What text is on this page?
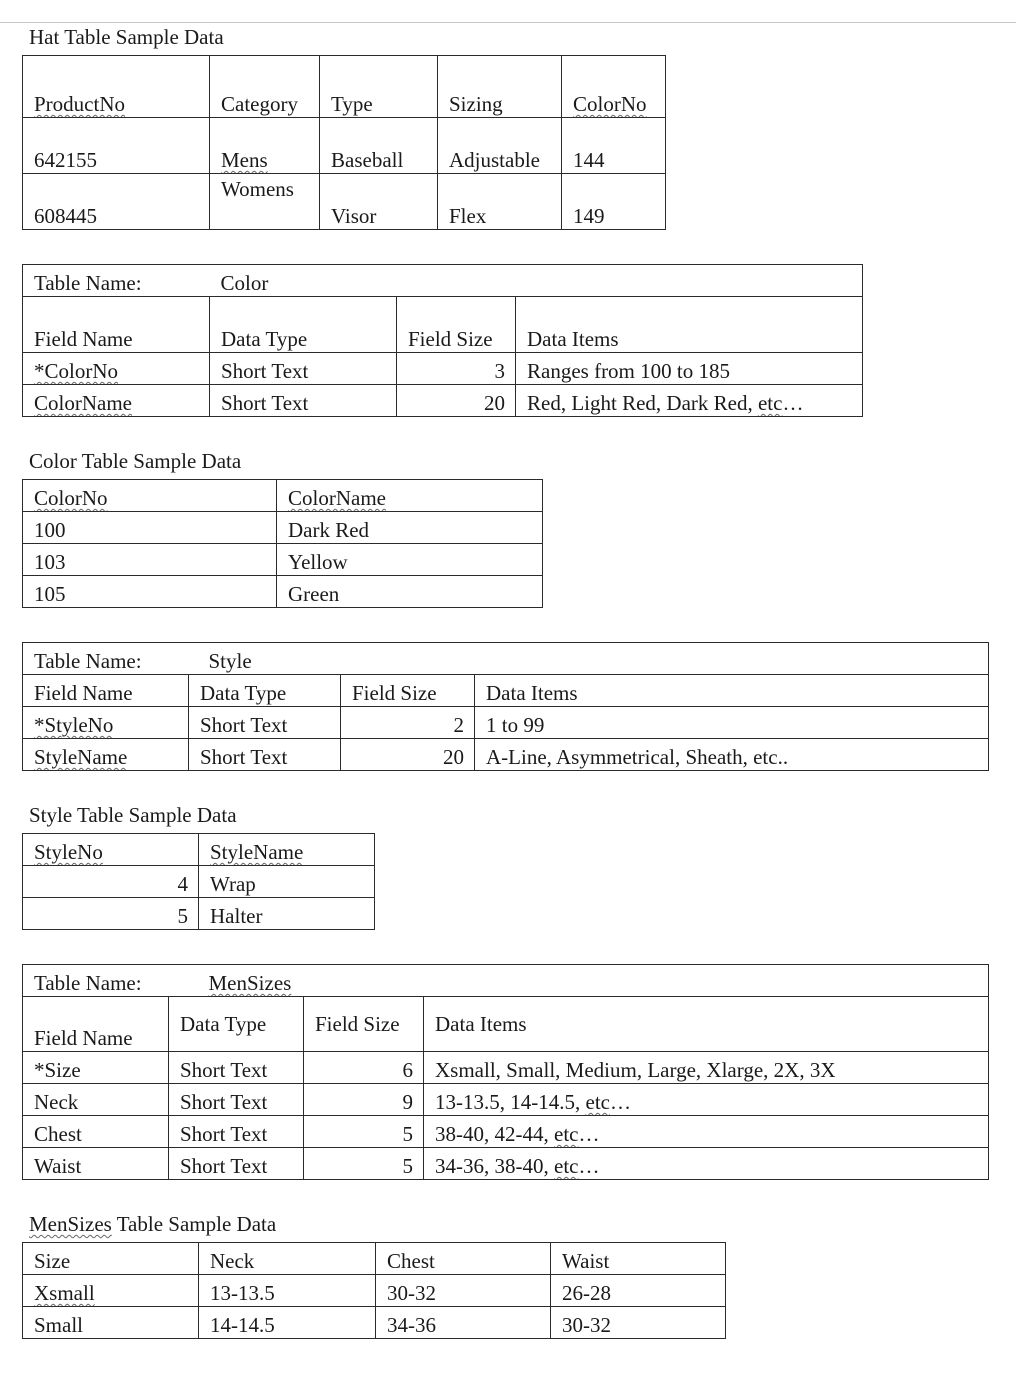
Hat Table Sample Data

ProductNo	Category	Type	Sizing	ColorNo
642155	Mens	Baseball	Adjustable	144
608445	Womens	Visor	Flex	149
Table Name:	Color		
Field Name	Data Type	Field Size	Data Items
*ColorNo	Short Text	3	Ranges from 100 to 185
ColorName	Short Text	20	Red, Light Red, Dark Red, etc…

Color Table Sample Data

ColorNo	ColorName
100	Dark Red
103	Yellow
105	Green
Table Name:	Style		
Field Name	Data Type	Field Size	Data Items
*StyleNo	Short Text	2	1 to 99
StyleName	Short Text	20	A-Line, Asymmetrical, Sheath, etc..

Style Table Sample Data

StyleNo	StyleName
4	Wrap
5	Halter
Table Name:	MenSizes		
Field Name	Data Type	Field Size	Data Items
*Size	Short Text	6	Xsmall, Small, Medium, Large, Xlarge, 2X, 3X
Neck	Short Text	9	13-13.5, 14-14.5, etc…
Chest	Short Text	5	38-40, 42-44, etc…
Waist	Short Text	5	34-36, 38-40, etc…

MenSizes Table Sample Data

Size	Neck	Chest	Waist
Xsmall	13-13.5	30-32	26-28
Small	14-14.5	34-36	30-32
